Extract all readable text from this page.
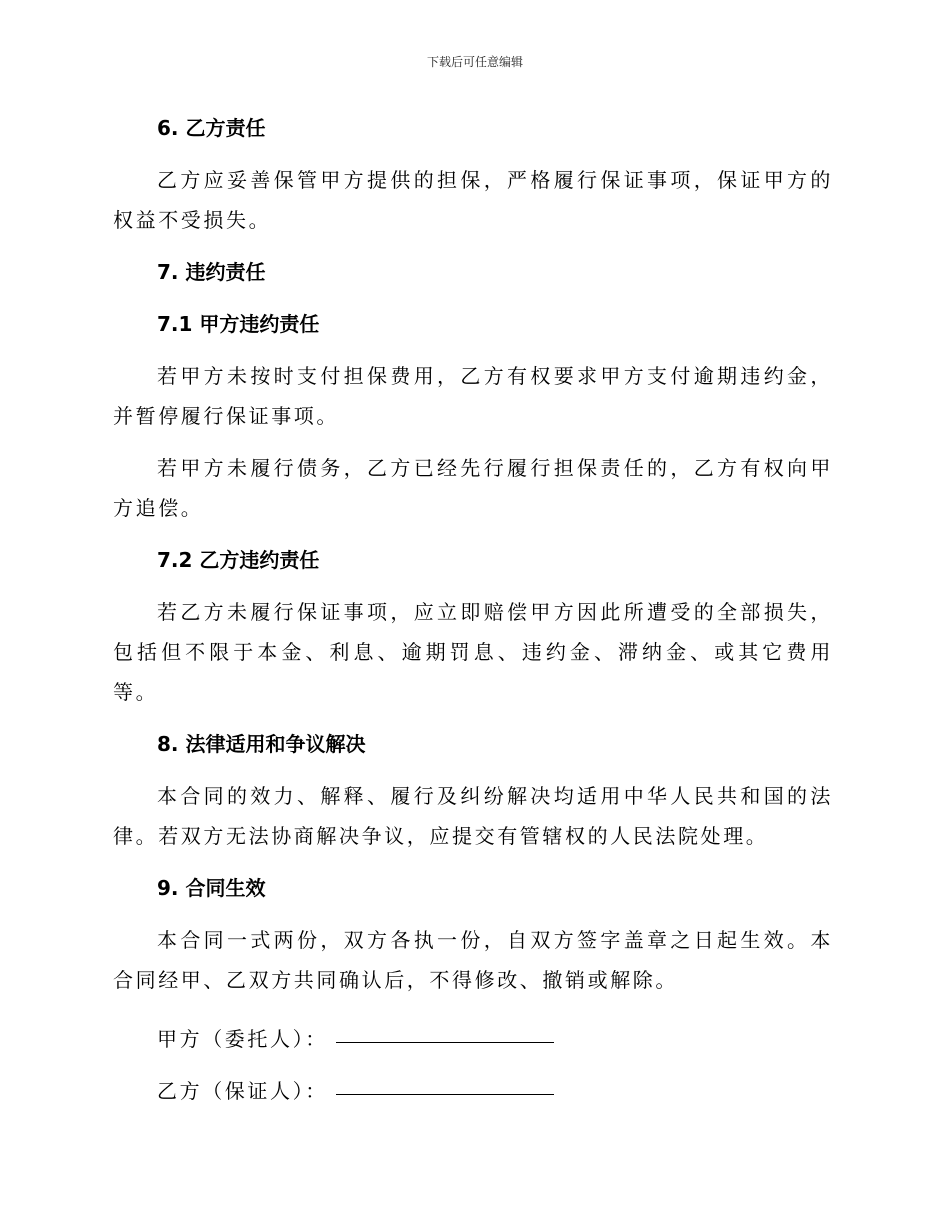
下载后可任意编辑

6. 乙方责任

乙方应妥善保管甲方提供的担保，严格履行保证事项，保证甲方的权益不受损失。

7. 违约责任

7.1 甲方违约责任

若甲方未按时支付担保费用，乙方有权要求甲方支付逾期违约金，并暂停履行保证事项。

若甲方未履行债务，乙方已经先行履行担保责任的，乙方有权向甲方追偿。

7.2 乙方违约责任

若乙方未履行保证事项，应立即赔偿甲方因此所遭受的全部损失，包括但不限于本金、利息、逾期罚息、违约金、滞纳金、或其它费用等。

8. 法律适用和争议解决

本合同的效力、解释、履行及纠纷解决均适用中华人民共和国的法律。若双方无法协商解决争议，应提交有管辖权的人民法院处理。

9. 合同生效

本合同一式两份，双方各执一份，自双方签字盖章之日起生效。本合同经甲、乙双方共同确认后，不得修改、撤销或解除。

甲方（委托人）：
乙方（保证人）：
